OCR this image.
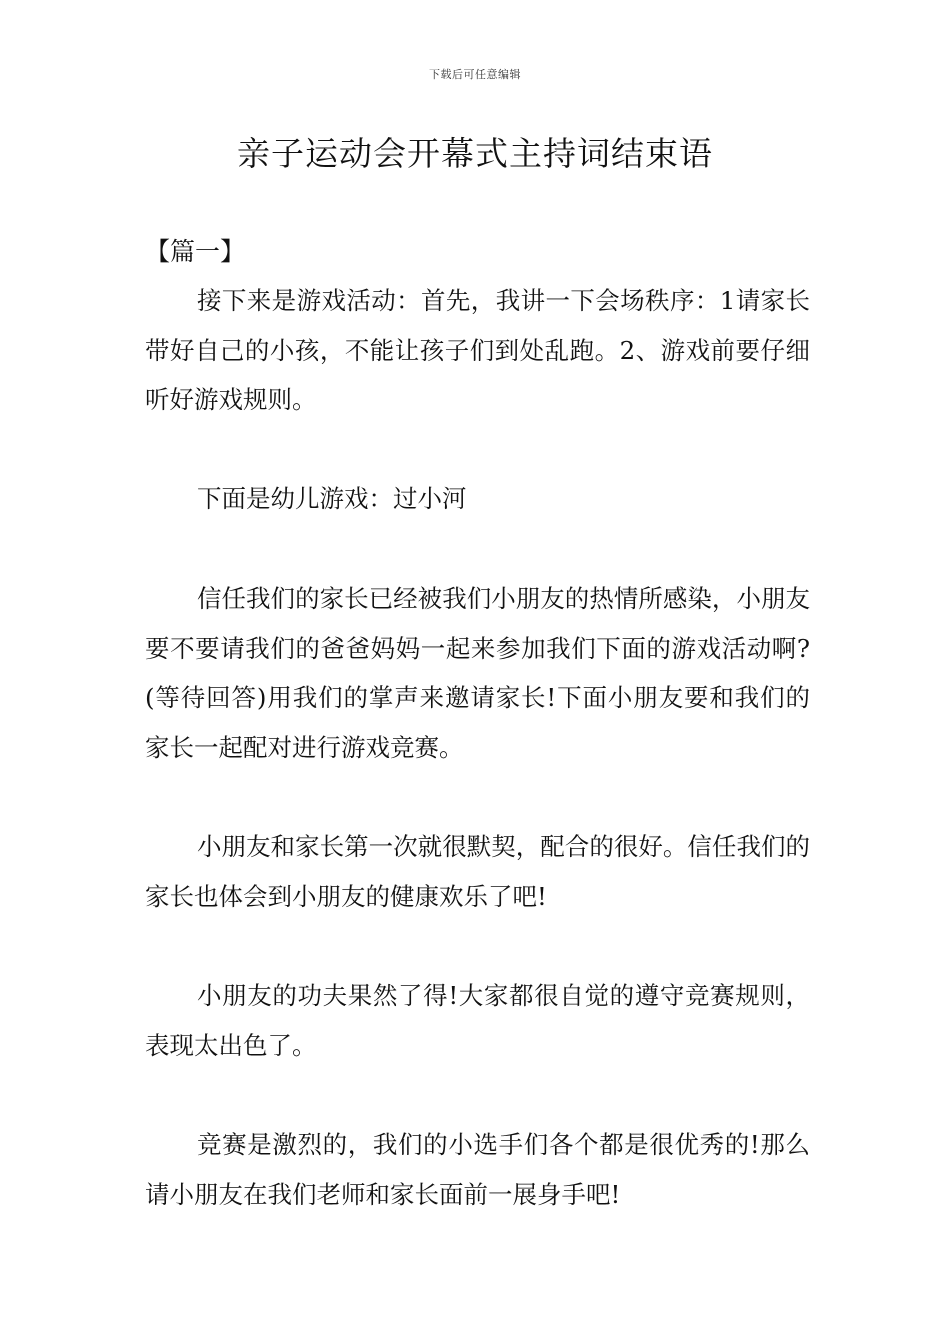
下载后可任意编辑
亲子运动会开幕式主持词结束语

【篇一】

接下来是游戏活动：首先，我讲一下会场秩序：1请家长带好自己的小孩，不能让孩子们到处乱跑。2、游戏前要仔细听好游戏规则。

下面是幼儿游戏：过小河

信任我们的家长已经被我们小朋友的热情所感染，小朋友要不要请我们的爸爸妈妈一起来参加我们下面的游戏活动啊?(等待回答)用我们的掌声来邀请家长!下面小朋友要和我们的家长一起配对进行游戏竞赛。

小朋友和家长第一次就很默契，配合的很好。信任我们的家长也体会到小朋友的健康欢乐了吧!

小朋友的功夫果然了得!大家都很自觉的遵守竞赛规则，表现太出色了。

竞赛是激烈的，我们的小选手们各个都是很优秀的!那么请小朋友在我们老师和家长面前一展身手吧!
